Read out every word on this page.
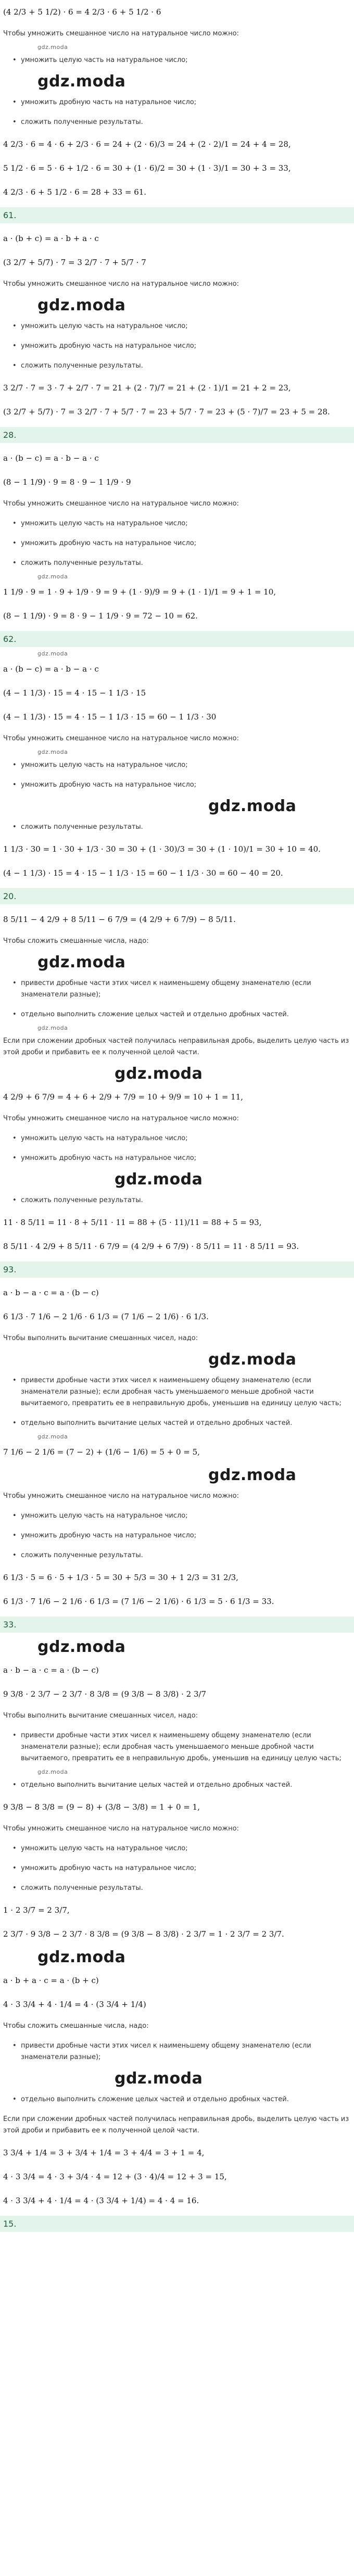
(4 2/3 + 5 1/2) · 6 = 4 2/3 · 6 + 5 1/2 · 6
Чтобы умножить смешанное число на натуральное число можно:
gdz.moda
• умножить целую часть на натуральное число;
gdz.moda
• умножить дробную часть на натуральное число;
• сложить полученные результаты.
4 2/3 · 6 = 4 · 6 + 2/3 · 6 = 24 + (2 · 6)/3 = 24 + (2 · 2)/1 = 24 + 4 = 28,
5 1/2 · 6 = 5 · 6 + 1/2 · 6 = 30 + (1 · 6)/2 = 30 + (1 · 3)/1 = 30 + 3 = 33,
4 2/3 · 6 + 5 1/2 · 6 = 28 + 33 = 61.
61.
a · (b + c) = a · b + a · c
(3 2/7 + 5/7) · 7 = 3 2/7 · 7 + 5/7 · 7
Чтобы умножить смешанное число на натуральное число можно:
gdz.moda
• умножить целую часть на натуральное число;
• умножить дробную часть на натуральное число;
• сложить полученные результаты.
3 2/7 · 7 = 3 · 7 + 2/7 · 7 = 21 + (2 · 7)/7 = 21 + (2 · 1)/1 = 21 + 2 = 23,
(3 2/7 + 5/7) · 7 = 3 2/7 · 7 + 5/7 · 7 = 23 + 5/7 · 7 = 23 + (5 · 7)/7 = 23 + 5 = 28.
28.
a · (b − c) = a · b − a · c
(8 − 1 1/9) · 9 = 8 · 9 − 1 1/9 · 9
Чтобы умножить смешанное число на натуральное число можно:
• умножить целую часть на натуральное число;
• умножить дробную часть на натуральное число;
• сложить полученные результаты.
gdz.moda
1 1/9 · 9 = 1 · 9 + 1/9 · 9 = 9 + (1 · 9)/9 = 9 + (1 · 1)/1 = 9 + 1 = 10,
(8 − 1 1/9) · 9 = 8 · 9 − 1 1/9 · 9 = 72 − 10 = 62.
62.
gdz.moda
a · (b − c) = a · b − a · c
(4 − 1 1/3) · 15 = 4 · 15 − 1 1/3 · 15
(4 − 1 1/3) · 15 = 4 · 15 − 1 1/3 · 15 = 60 − 1 1/3 · 30
Чтобы умножить смешанное число на натуральное число можно:
gdz.moda
• умножить целую часть на натуральное число;
• умножить дробную часть на натуральное число;
gdz.moda
• сложить полученные результаты.
1 1/3 · 30 = 1 · 30 + 1/3 · 30 = 30 + (1 · 30)/3 = 30 + (1 · 10)/1 = 30 + 10 = 40.
(4 − 1 1/3) · 15 = 4 · 15 − 1 1/3 · 15 = 60 − 1 1/3 · 30 = 60 − 40 = 20.
20.
8 5/11 − 4 2/9 + 8 5/11 − 6 7/9 = (4 2/9 + 6 7/9) − 8 5/11.
Чтобы сложить смешанные числа, надо:
gdz.moda
• привести дробные части этих чисел к наименьшему общему знаменателю (если знаменатели разные);
• отдельно выполнить сложение целых частей и отдельно дробных частей.
gdz.moda
Если при сложении дробных частей получилась неправильная дробь, выделить целую часть из этой дроби и прибавить ее к полученной целой части.
gdz.moda
4 2/9 + 6 7/9 = 4 + 6 + 2/9 + 7/9 = 10 + 9/9 = 10 + 1 = 11,
Чтобы умножить смешанное число на натуральное число можно:
• умножить целую часть на натуральное число;
• умножить дробную часть на натуральное число;
gdz.moda
• сложить полученные результаты.
11 · 8 5/11 = 11 · 8 + 5/11 · 11 = 88 + (5 · 11)/11 = 88 + 5 = 93,
8 5/11 · 4 2/9 + 8 5/11 · 6 7/9 = (4 2/9 + 6 7/9) · 8 5/11 = 11 · 8 5/11 = 93.
93.
a · b − a · c = a · (b − c)
6 1/3 · 7 1/6 − 2 1/6 · 6 1/3 = (7 1/6 − 2 1/6) · 6 1/3.
Чтобы выполнить вычитание смешанных чисел, надо:
gdz.moda
• привести дробные части этих чисел к наименьшему общему знаменателю (если знаменатели разные); если дробная часть уменьшаемого меньше дробной части вычитаемого, превратить ее в неправильную дробь, уменьшив на единицу целую часть;
• отдельно выполнить вычитание целых частей и отдельно дробных частей.
gdz.moda
7 1/6 − 2 1/6 = (7 − 2) + (1/6 − 1/6) = 5 + 0 = 5,
gdz.moda
Чтобы умножить смешанное число на натуральное число можно:
• умножить целую часть на натуральное число;
• умножить дробную часть на натуральное число;
• сложить полученные результаты.
6 1/3 · 5 = 6 · 5 + 1/3 · 5 = 30 + 5/3 = 30 + 1 2/3 = 31 2/3,
6 1/3 · 7 1/6 − 2 1/6 · 6 1/3 = (7 1/6 − 2 1/6) · 6 1/3 = 5 · 6 1/3 = 33.
33.
gdz.moda
a · b − a · c = a · (b − c)
9 3/8 · 2 3/7 − 2 3/7 · 8 3/8 = (9 3/8 − 8 3/8) · 2 3/7
Чтобы выполнить вычитание смешанных чисел, надо:
• привести дробные части этих чисел к наименьшему общему знаменателю (если знаменатели разные); если дробная часть уменьшаемого меньше дробной части вычитаемого, превратить ее в неправильную дробь, уменьшив на единицу целую часть;
gdz.moda
• отдельно выполнить вычитание целых частей и отдельно дробных частей.
9 3/8 − 8 3/8 = (9 − 8) + (3/8 − 3/8) = 1 + 0 = 1,
Чтобы умножить смешанное число на натуральное число можно:
• умножить целую часть на натуральное число;
• умножить дробную часть на натуральное число;
• сложить полученные результаты.
1 · 2 3/7 = 2 3/7,
2 3/7 · 9 3/8 − 2 3/7 · 8 3/8 = (9 3/8 − 8 3/8) · 2 3/7 = 1 · 2 3/7 = 2 3/7.
gdz.moda
a · b + a · c = a · (b + c)
4 · 3 3/4 + 4 · 1/4 = 4 · (3 3/4 + 1/4)
Чтобы сложить смешанные числа, надо:
• привести дробные части этих чисел к наименьшему общему знаменателю (если знаменатели разные);
gdz.moda
• отдельно выполнить сложение целых частей и отдельно дробных частей.
Если при сложении дробных частей получилась неправильная дробь, выделить целую часть из этой дроби и прибавить ее к полученной целой части.
3 3/4 + 1/4 = 3 + 3/4 + 1/4 = 3 + 4/4 = 3 + 1 = 4,
4 · 3 3/4 = 4 · 3 + 3/4 · 4 = 12 + (3 · 4)/4 = 12 + 3 = 15,
4 · 3 3/4 + 4 · 1/4 = 4 · (3 3/4 + 1/4) = 4 · 4 = 16.
15.
